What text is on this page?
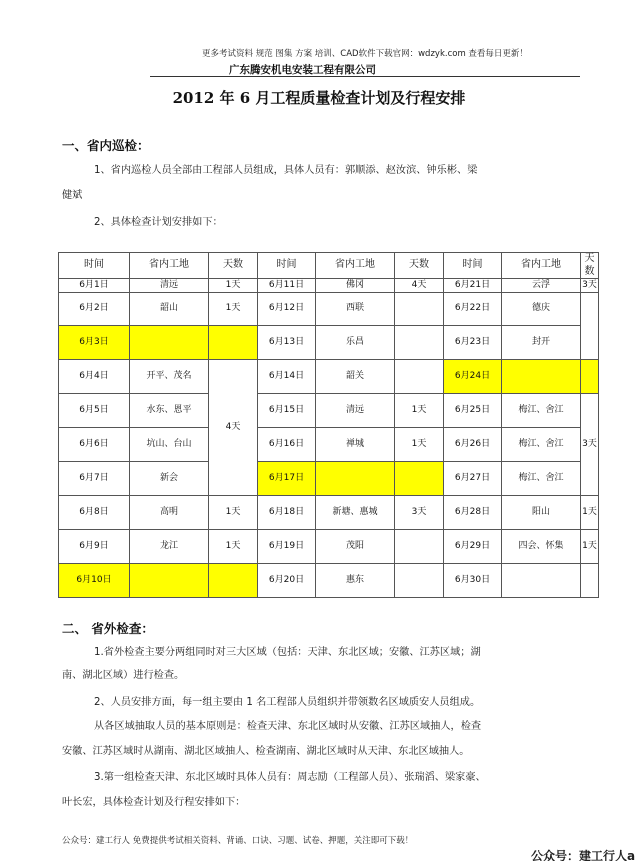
更多考试资料 规范 图集 方案 培训、CAD软件下载官网：wdzyk.com 查看每日更新！
广东腾安机电安装工程有限公司
2012 年 6 月工程质量检查计划及行程安排
一、省内巡检：
1、省内巡检人员全部由工程部人员组成，具体人员有：郭顺添、赵汝滨、钟乐彬、梁
健斌
2、具体检查计划安排如下：
时间	省内工地	天数	时间	省内工地	天数	时间	省内工地	天数
6月1日	清远	1天	6月11日	佛冈	4天	6月21日	云浮	3天
6月2日	韶山	1天	6月12日	西联		6月22日	德庆	
6月3日			6月13日	乐昌		6月23日	封开	
6月4日	开平、茂名	4天	6月14日	韶关		6月24日		
6月5日	水东、恩平		6月15日	清远	1天	6月25日	梅江、舍江	3天
6月6日	坑山、台山		6月16日	禅城	1天	6月26日	梅江、舍江	
6月7日	新会		6月17日			6月27日	梅江、舍江	
6月8日	高明	1天	6月18日	新塘、惠城	3天	6月28日	阳山	1天
6月9日	龙江	1天	6月19日	茂阳		6月29日	四会、怀集	1天
6月10日			6月20日	惠东		6月30日		
二、 省外检查：
1.省外检查主要分两组同时对三大区域（包括：天津、东北区域；安徽、江苏区域；湖
南、湖北区域）进行检查。
2、人员安排方面，每一组主要由 1 名工程部人员组织并带领数名区域质安人员组成。
从各区域抽取人员的基本原则是：检查天津、东北区域时从安徽、江苏区域抽人，检查
安徽、江苏区域时从湖南、湖北区域抽人、检查湖南、湖北区域时从天津、东北区域抽人。
3.第一组检查天津、东北区域时具体人员有：周志励（工程部人员）、张瑞滔、梁家豪、
叶长宏，具体检查计划及行程安排如下：
公众号：建工行人 免费提供考试相关资料、背诵、口诀、习题、试卷、押题，关注即可下载！
公众号：建工行人a
